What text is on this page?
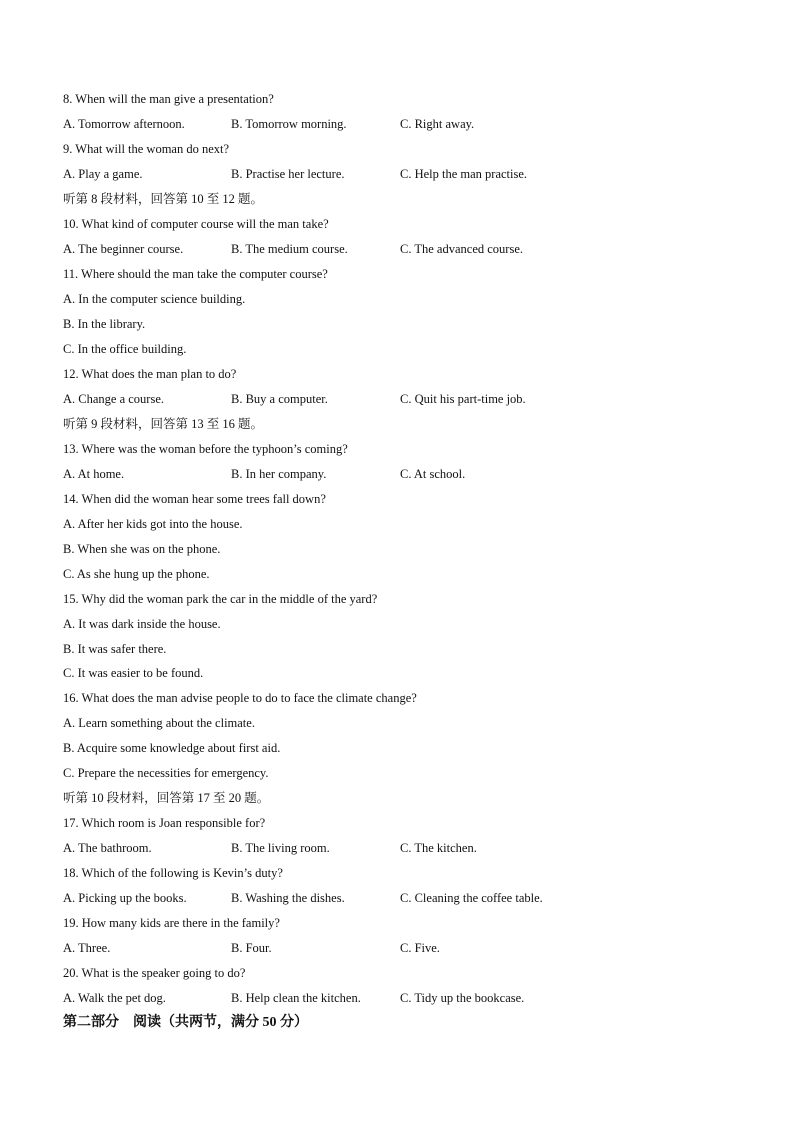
8. When will the man give a presentation?
A. Tomorrow afternoon.	B. Tomorrow morning.	C. Right away.
9. What will the woman do next?
A. Play a game.	B. Practise her lecture.	C. Help the man practise.
听第 8 段材料，回答第 10 至 12 题。
10. What kind of computer course will the man take?
A. The beginner course.	B. The medium course.	C. The advanced course.
11. Where should the man take the computer course?
A. In the computer science building.
B. In the library.
C. In the office building.
12. What does the man plan to do?
A. Change a course.	B. Buy a computer.	C. Quit his part-time job.
听第 9 段材料，回答第 13 至 16 题。
13. Where was the woman before the typhoon’s coming?
A. At home.	B. In her company.	C. At school.
14. When did the woman hear some trees fall down?
A. After her kids got into the house.
B. When she was on the phone.
C. As she hung up the phone.
15. Why did the woman park the car in the middle of the yard?
A. It was dark inside the house.
B. It was safer there.
C. It was easier to be found.
16. What does the man advise people to do to face the climate change?
A. Learn something about the climate.
B. Acquire some knowledge about first aid.
C. Prepare the necessities for emergency.
听第 10 段材料，回答第 17 至 20 题。
17. Which room is Joan responsible for?
A. The bathroom.	B. The living room.	C. The kitchen.
18. Which of the following is Kevin’s duty?
A. Picking up the books.	B. Washing the dishes.	C. Cleaning the coffee table.
19. How many kids are there in the family?
A. Three.	B. Four.	C. Five.
20. What is the speaker going to do?
A. Walk the pet dog.	B. Help clean the kitchen.	C. Tidy up the bookcase.
第二部分　阅读（共两节，满分 50 分）
